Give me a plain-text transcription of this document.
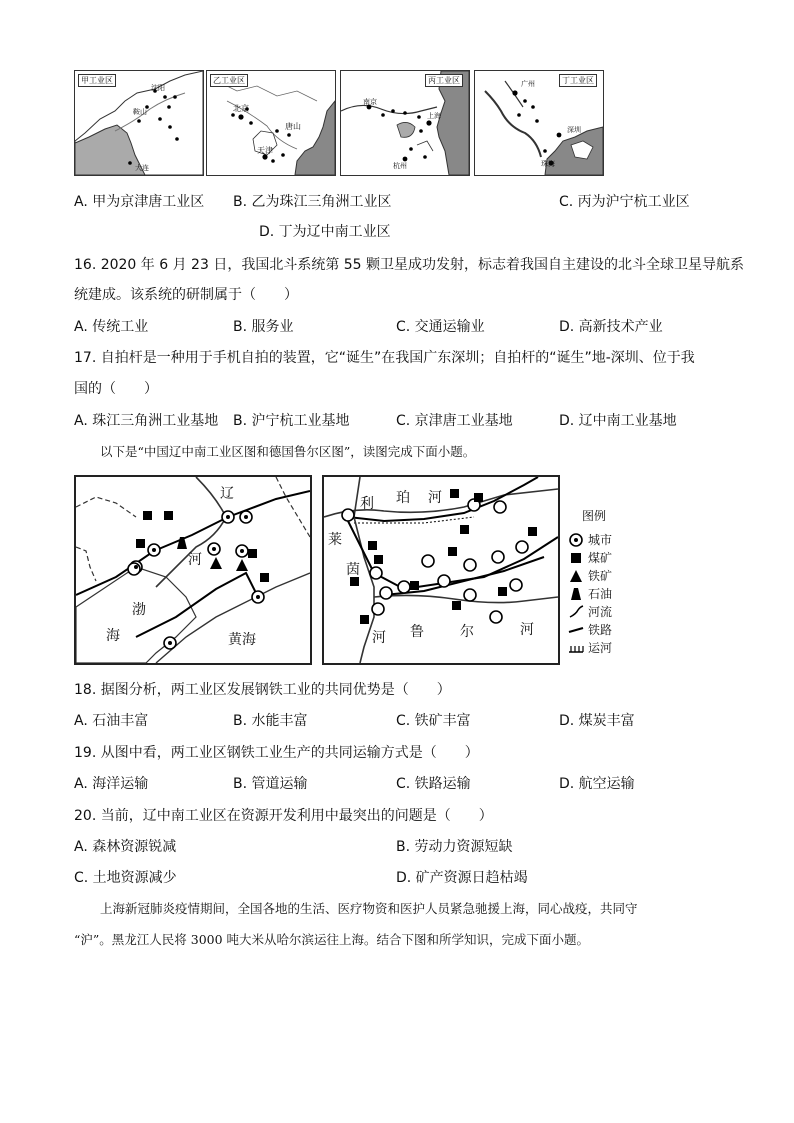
甲工业区
沈阳
鞍山
大连
乙工业区
北京
唐山
天津
丙工业区
南京
上海
杭州
丁工业区
广州
深圳
珠海
A. 甲为京津唐工业区 B. 乙为珠江三角洲工业区	C. 丙为沪宁杭工业区
D. 丁为辽中南工业区
16. 2020 年 6 月 23 日，我国北斗系统第 55 颗卫星成功发射，标志着我国自主建设的北斗全球卫星导航系
统建成。该系统的研制属于（　　）
A. 传统工业	B. 服务业	C. 交通运输业	D. 高新技术产业
17. 自拍杆是一种用于手机自拍的装置，它“诞生”在我国广东深圳；自拍杆的“诞生”地-深圳、位于我
国的（　　）
A. 珠江三角洲工业基地 B. 沪宁杭工业基地	C. 京津唐工业基地	D. 辽中南工业基地
以下是“中国辽中南工业区图和德国鲁尔区图”，读图完成下面小题。
辽
河
渤
海	黄海
利 珀 河
莱
茵
河 鲁	尔	河
图例
城市
煤矿
铁矿
石油
河流
铁路
运河
18. 据图分析，两工业区发展钢铁工业的共同优势是（　　）
A. 石油丰富	B. 水能丰富	C. 铁矿丰富	D. 煤炭丰富
19. 从图中看，两工业区钢铁工业生产的共同运输方式是（　　）
A. 海洋运输	B. 管道运输	C. 铁路运输	D. 航空运输
20. 当前，辽中南工业区在资源开发利用中最突出的问题是（　　）
A. 森林资源锐减	B. 劳动力资源短缺
C. 土地资源减少	D. 矿产资源日趋枯竭
上海新冠肺炎疫情期间，全国各地的生活、医疗物资和医护人员紧急驰援上海，同心战疫，共同守
“沪”。黑龙江人民将 3000 吨大米从哈尔滨运往上海。结合下图和所学知识，完成下面小题。
